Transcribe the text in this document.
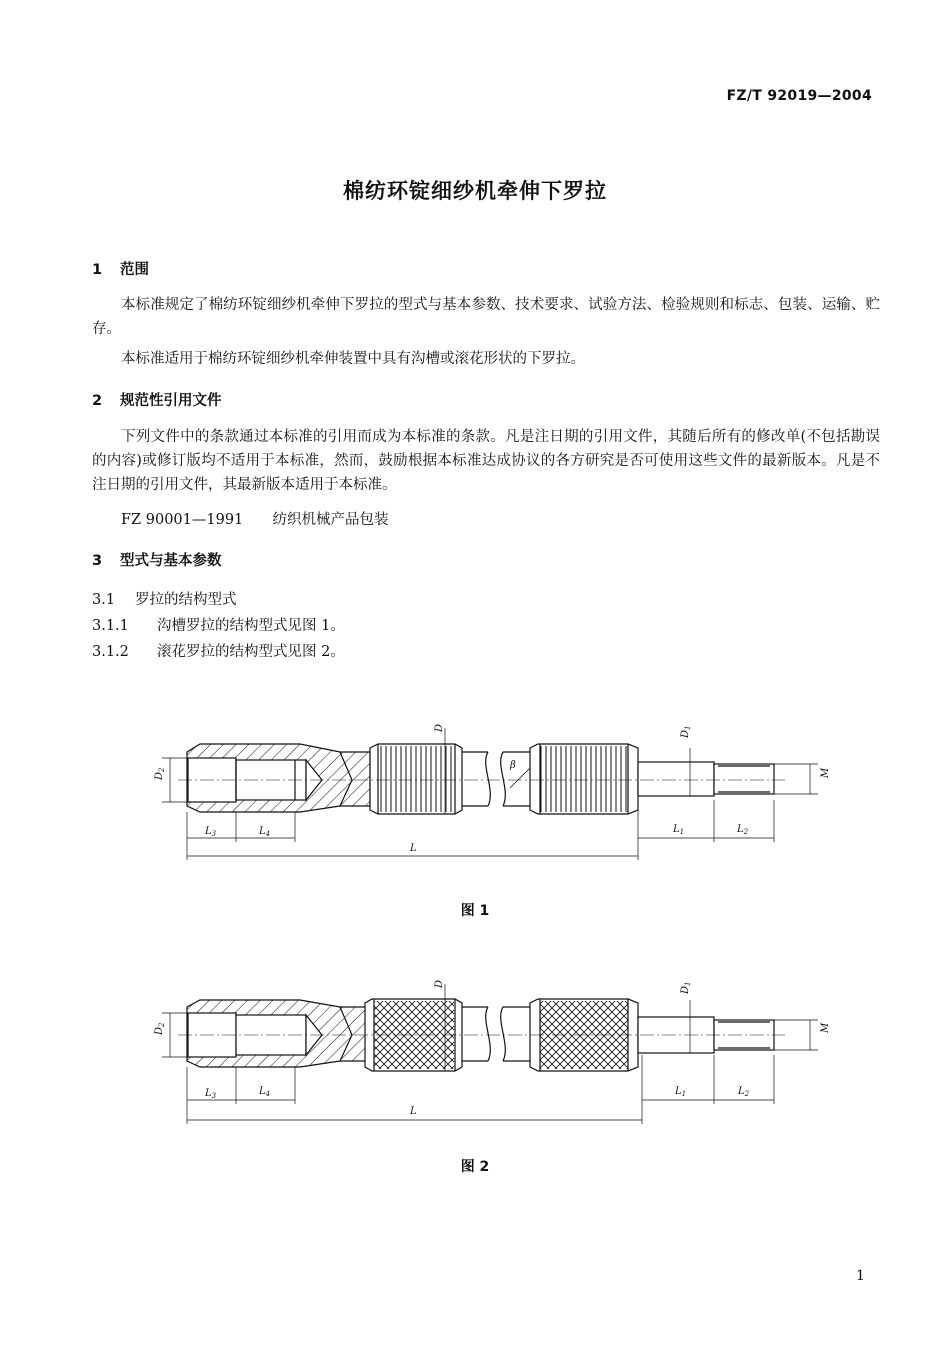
FZ/T 92019—2004
棉纺环锭细纱机牵伸下罗拉
1 范围
本标准规定了棉纺环锭细纱机牵伸下罗拉的型式与基本参数、技术要求、试验方法、检验规则和标志、包装、运输、贮存。
本标准适用于棉纺环锭细纱机牵伸装置中具有沟槽或滚花形状的下罗拉。
2 规范性引用文件
下列文件中的条款通过本标准的引用而成为本标准的条款。凡是注日期的引用文件，其随后所有的修改单(不包括勘误的内容)或修订版均不适用于本标准，然而，鼓励根据本标准达成协议的各方研究是否可使用这些文件的最新版本。凡是不注日期的引用文件，其最新版本适用于本标准。
FZ 90001—1991 纺织机械产品包装
3 型式与基本参数
3.1 罗拉的结构型式
3.1.1 沟槽罗拉的结构型式见图 1。
3.1.2 滚花罗拉的结构型式见图 2。
$D_2$
D
$D_1$
M
β
$L_3$	$L_4$	$L_1$	$L_2$
L
图 1
$D_2$
D
$D_1$
M
$L_3$	$L_4$	$L_1$	$L_2$
L
图 2
1
